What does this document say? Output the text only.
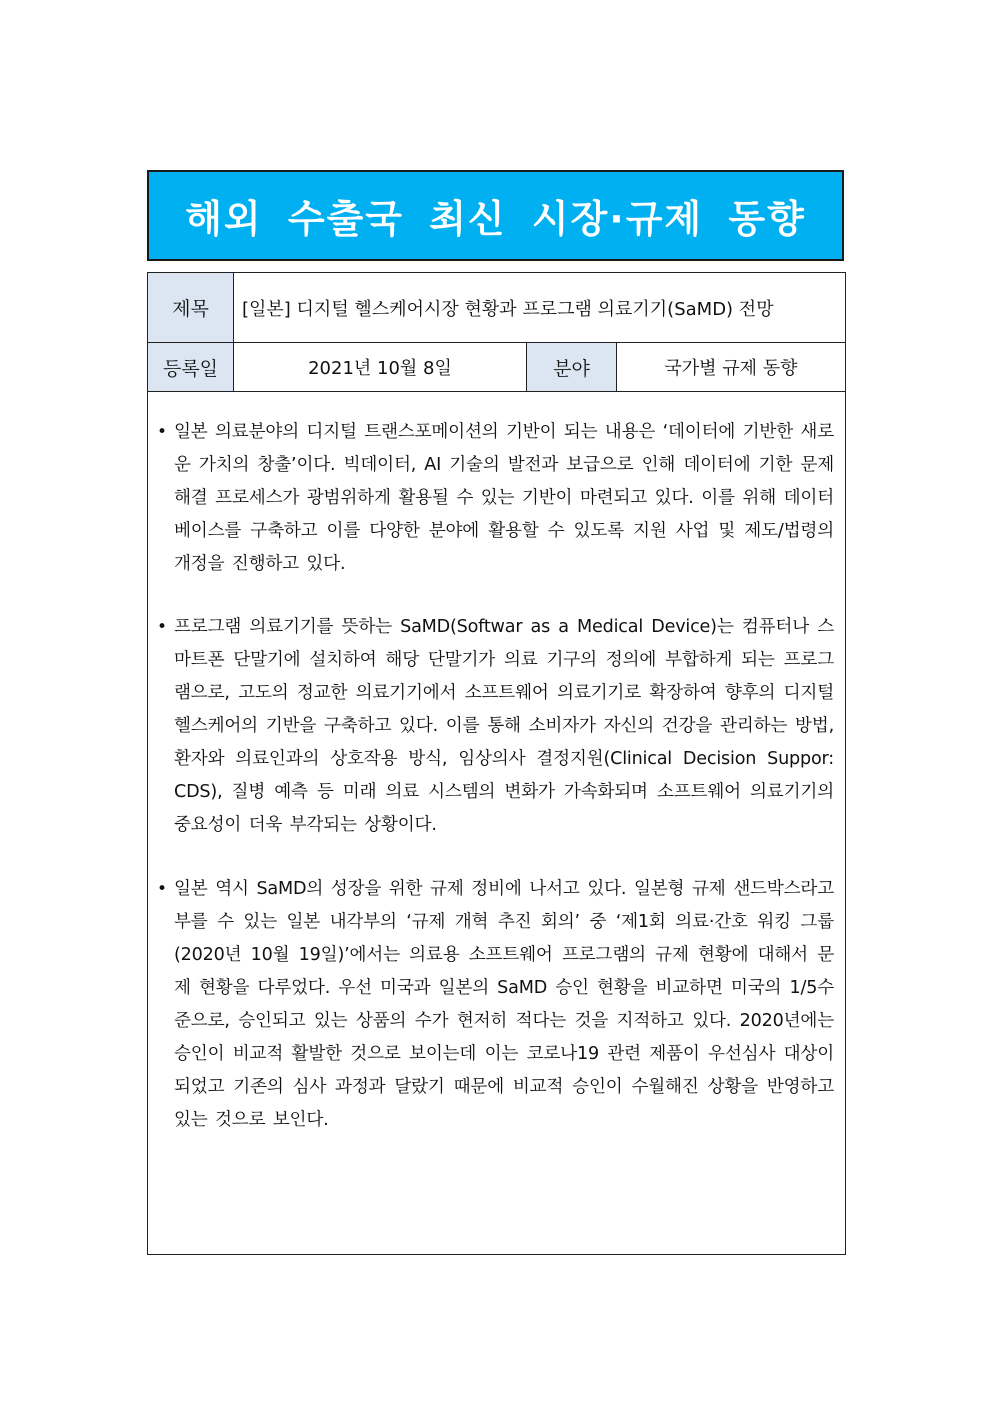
해외 수출국 최신 시장·규제 동향
제목	[일본] 디지털 헬스케어시장 현황과 프로그램 의료기기(SaMD) 전망
등록일	2021년 10월 8일	분야	국가별 규제 동향
• 일본 의료분야의 디지털 트랜스포메이션의 기반이 되는 내용은 ‘데이터에 기반한 새로운 가치의 창출’이다. 빅데이터, AI 기술의 발전과 보급으로 인해 데이터에 기한 문제 해결 프로세스가 광범위하게 활용될 수 있는 기반이 마련되고 있다. 이를 위해 데이터베이스를 구축하고 이를 다양한 분야에 활용할 수 있도록 지원 사업 및 제도/법령의 개정을 진행하고 있다.
• 프로그램 의료기기를 뜻하는 SaMD(Softwar as a Medical Device)는 컴퓨터나 스마트폰 단말기에 설치하여 해당 단말기가 의료 기구의 정의에 부합하게 되는 프로그램으로, 고도의 정교한 의료기기에서 소프트웨어 의료기기로 확장하여 향후의 디지털 헬스케어의 기반을 구축하고 있다. 이를 통해 소비자가 자신의 건강을 관리하는 방법, 환자와 의료인과의 상호작용 방식, 임상의사 결정지원(Clinical Decision Suppor: CDS), 질병 예측 등 미래 의료 시스템의 변화가 가속화되며 소프트웨어 의료기기의 중요성이 더욱 부각되는 상황이다.
• 일본 역시 SaMD의 성장을 위한 규제 정비에 나서고 있다. 일본형 규제 샌드박스라고 부를 수 있는 일본 내각부의 ‘규제 개혁 추진 회의’ 중 ‘제1회 의료·간호 워킹 그룹(2020년 10월 19일)’에서는 의료용 소프트웨어 프로그램의 규제 현황에 대해서 문제 현황을 다루었다. 우선 미국과 일본의 SaMD 승인 현황을 비교하면 미국의 1/5수준으로, 승인되고 있는 상품의 수가 현저히 적다는 것을 지적하고 있다. 2020년에는 승인이 비교적 활발한 것으로 보이는데 이는 코로나19 관련 제품이 우선심사 대상이 되었고 기존의 심사 과정과 달랐기 때문에 비교적 승인이 수월해진 상황을 반영하고 있는 것으로 보인다.
